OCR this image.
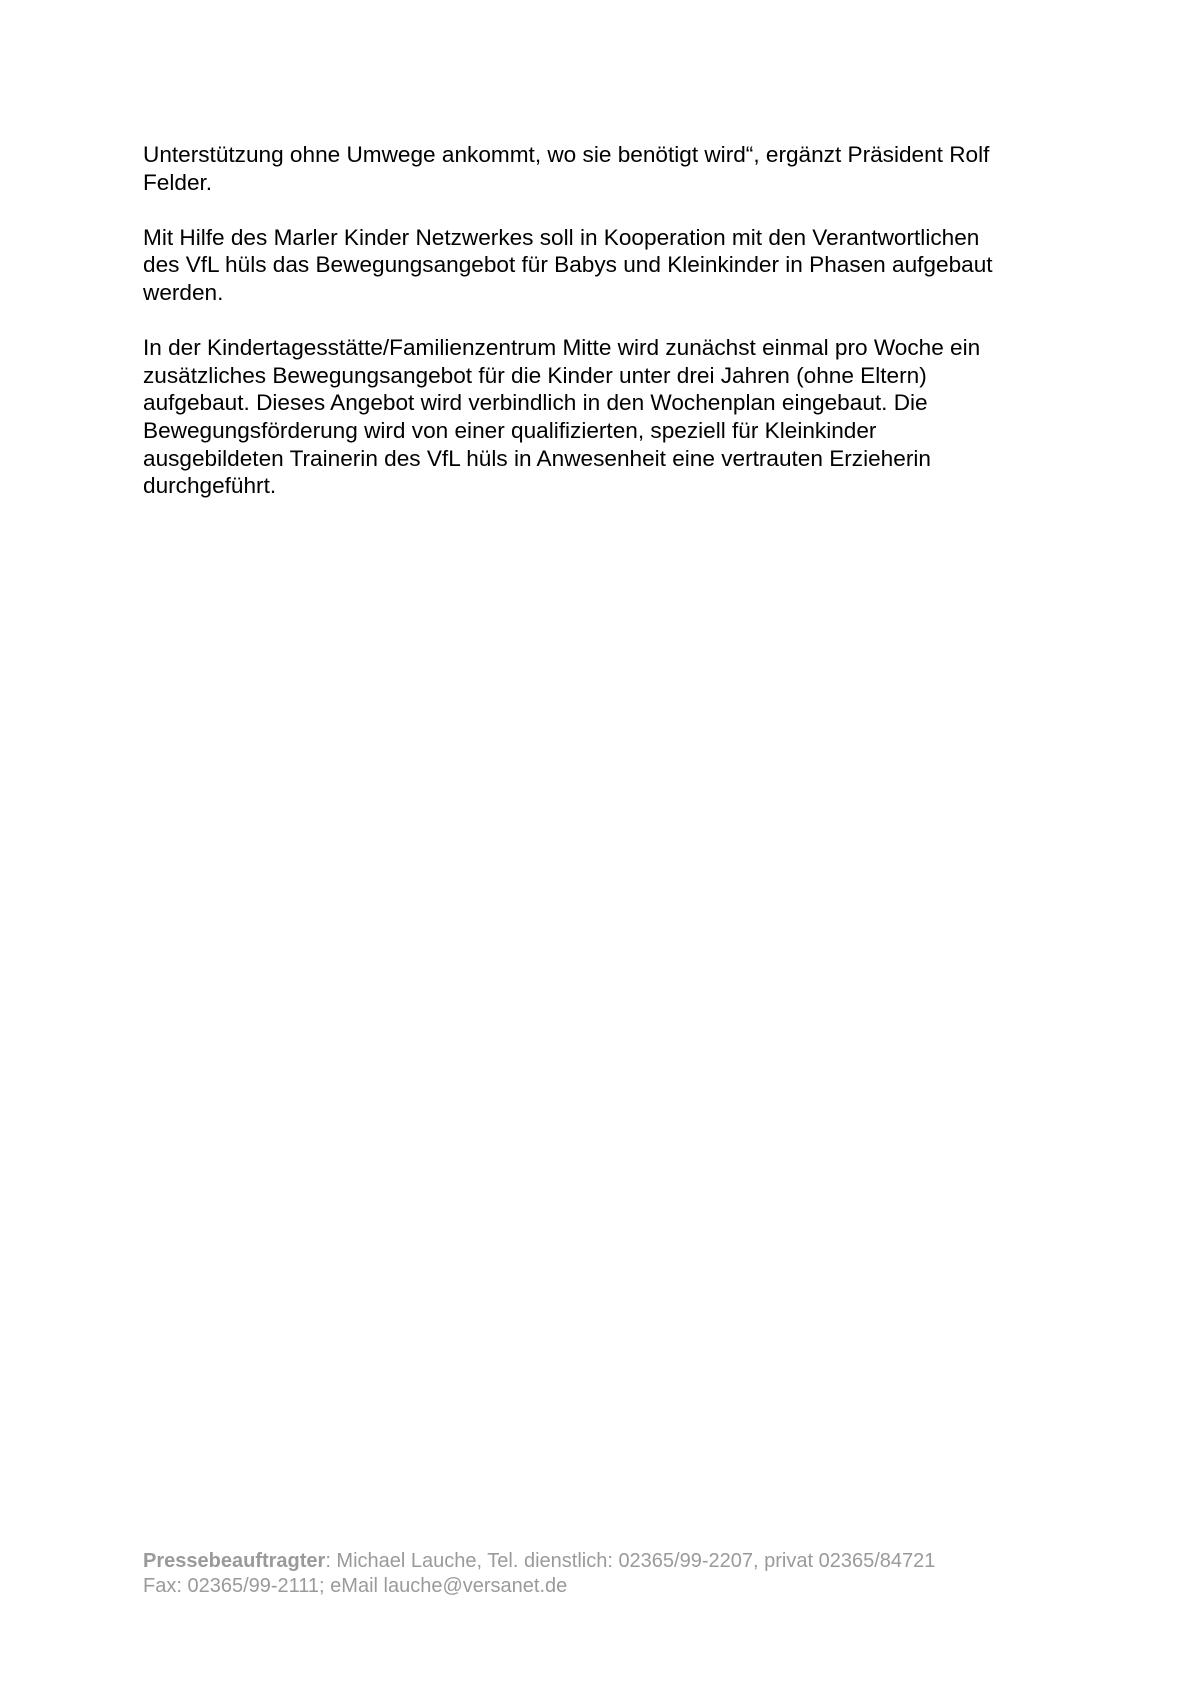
Unterstützung ohne Umwege ankommt, wo sie benötigt wird“, ergänzt Präsident Rolf
Felder.

Mit Hilfe des Marler Kinder Netzwerkes soll in Kooperation mit den Verantwortlichen
des VfL hüls das Bewegungsangebot für Babys und Kleinkinder in Phasen aufgebaut
werden.

In der Kindertagesstätte/Familienzentrum Mitte wird zunächst einmal pro Woche ein
zusätzliches Bewegungsangebot für die Kinder unter drei Jahren (ohne Eltern)
aufgebaut. Dieses Angebot wird verbindlich in den Wochenplan eingebaut. Die
Bewegungsförderung wird von einer qualifizierten, speziell für Kleinkinder
ausgebildeten Trainerin des VfL hüls in Anwesenheit eine vertrauten Erzieherin
durchgeführt.

Pressebeauftragter: Michael Lauche, Tel. dienstlich: 02365/99-2207, privat 02365/84721
Fax: 02365/99-2111; eMail lauche@versanet.de
